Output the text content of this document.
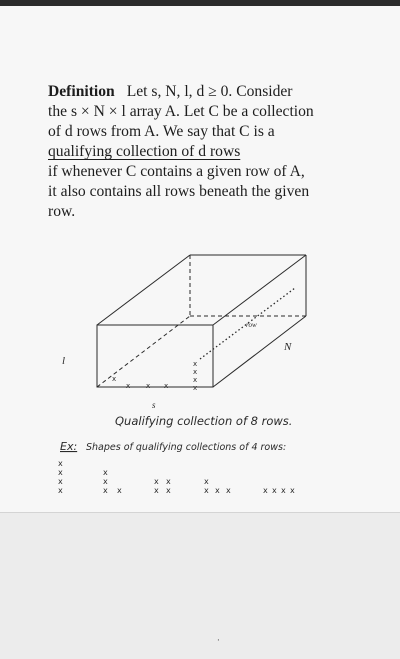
Definition Let s, N, l, d ≥ 0. Consider
the s × N × l array A. Let C be a collection
of d rows from A. We say that C is a
qualifying collection of d rows
if whenever C contains a given row of A,
it also contains all rows beneath the given
row.
l
N
s
row
x
x x x
x
x
x
x
Qualifying collection of 8 rows.
Ex: Shapes of qualifying collections of 4 rows:
x
x
x
x
x
x
x x
x x
x x
x
x x x	x x x x
·
